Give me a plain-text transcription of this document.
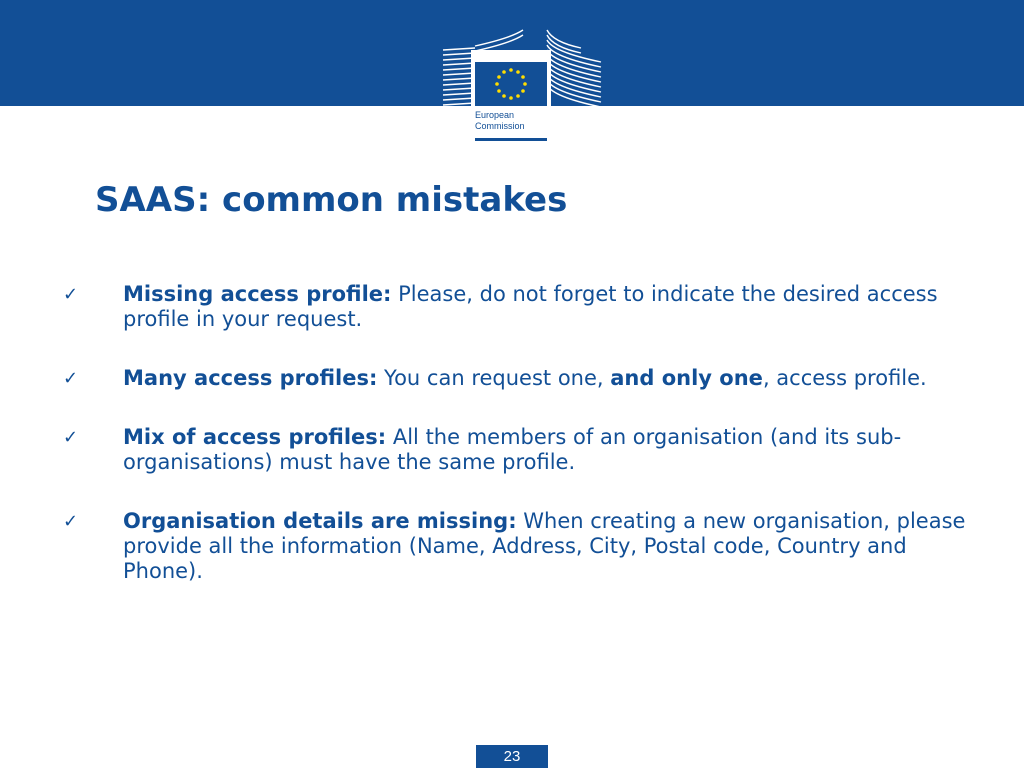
European
Commission
SAAS: common mistakes
✓	Missing access profile: Please, do not forget to indicate the desired access profile in your request.
✓	Many access profiles: You can request one, and only one, access profile.
✓	Mix of access profiles: All the members of an organisation (and its sub-organisations) must have the same profile.
✓	Organisation details are missing: When creating a new organisation, please provide all the information (Name, Address, City, Postal code, Country and Phone).
23
